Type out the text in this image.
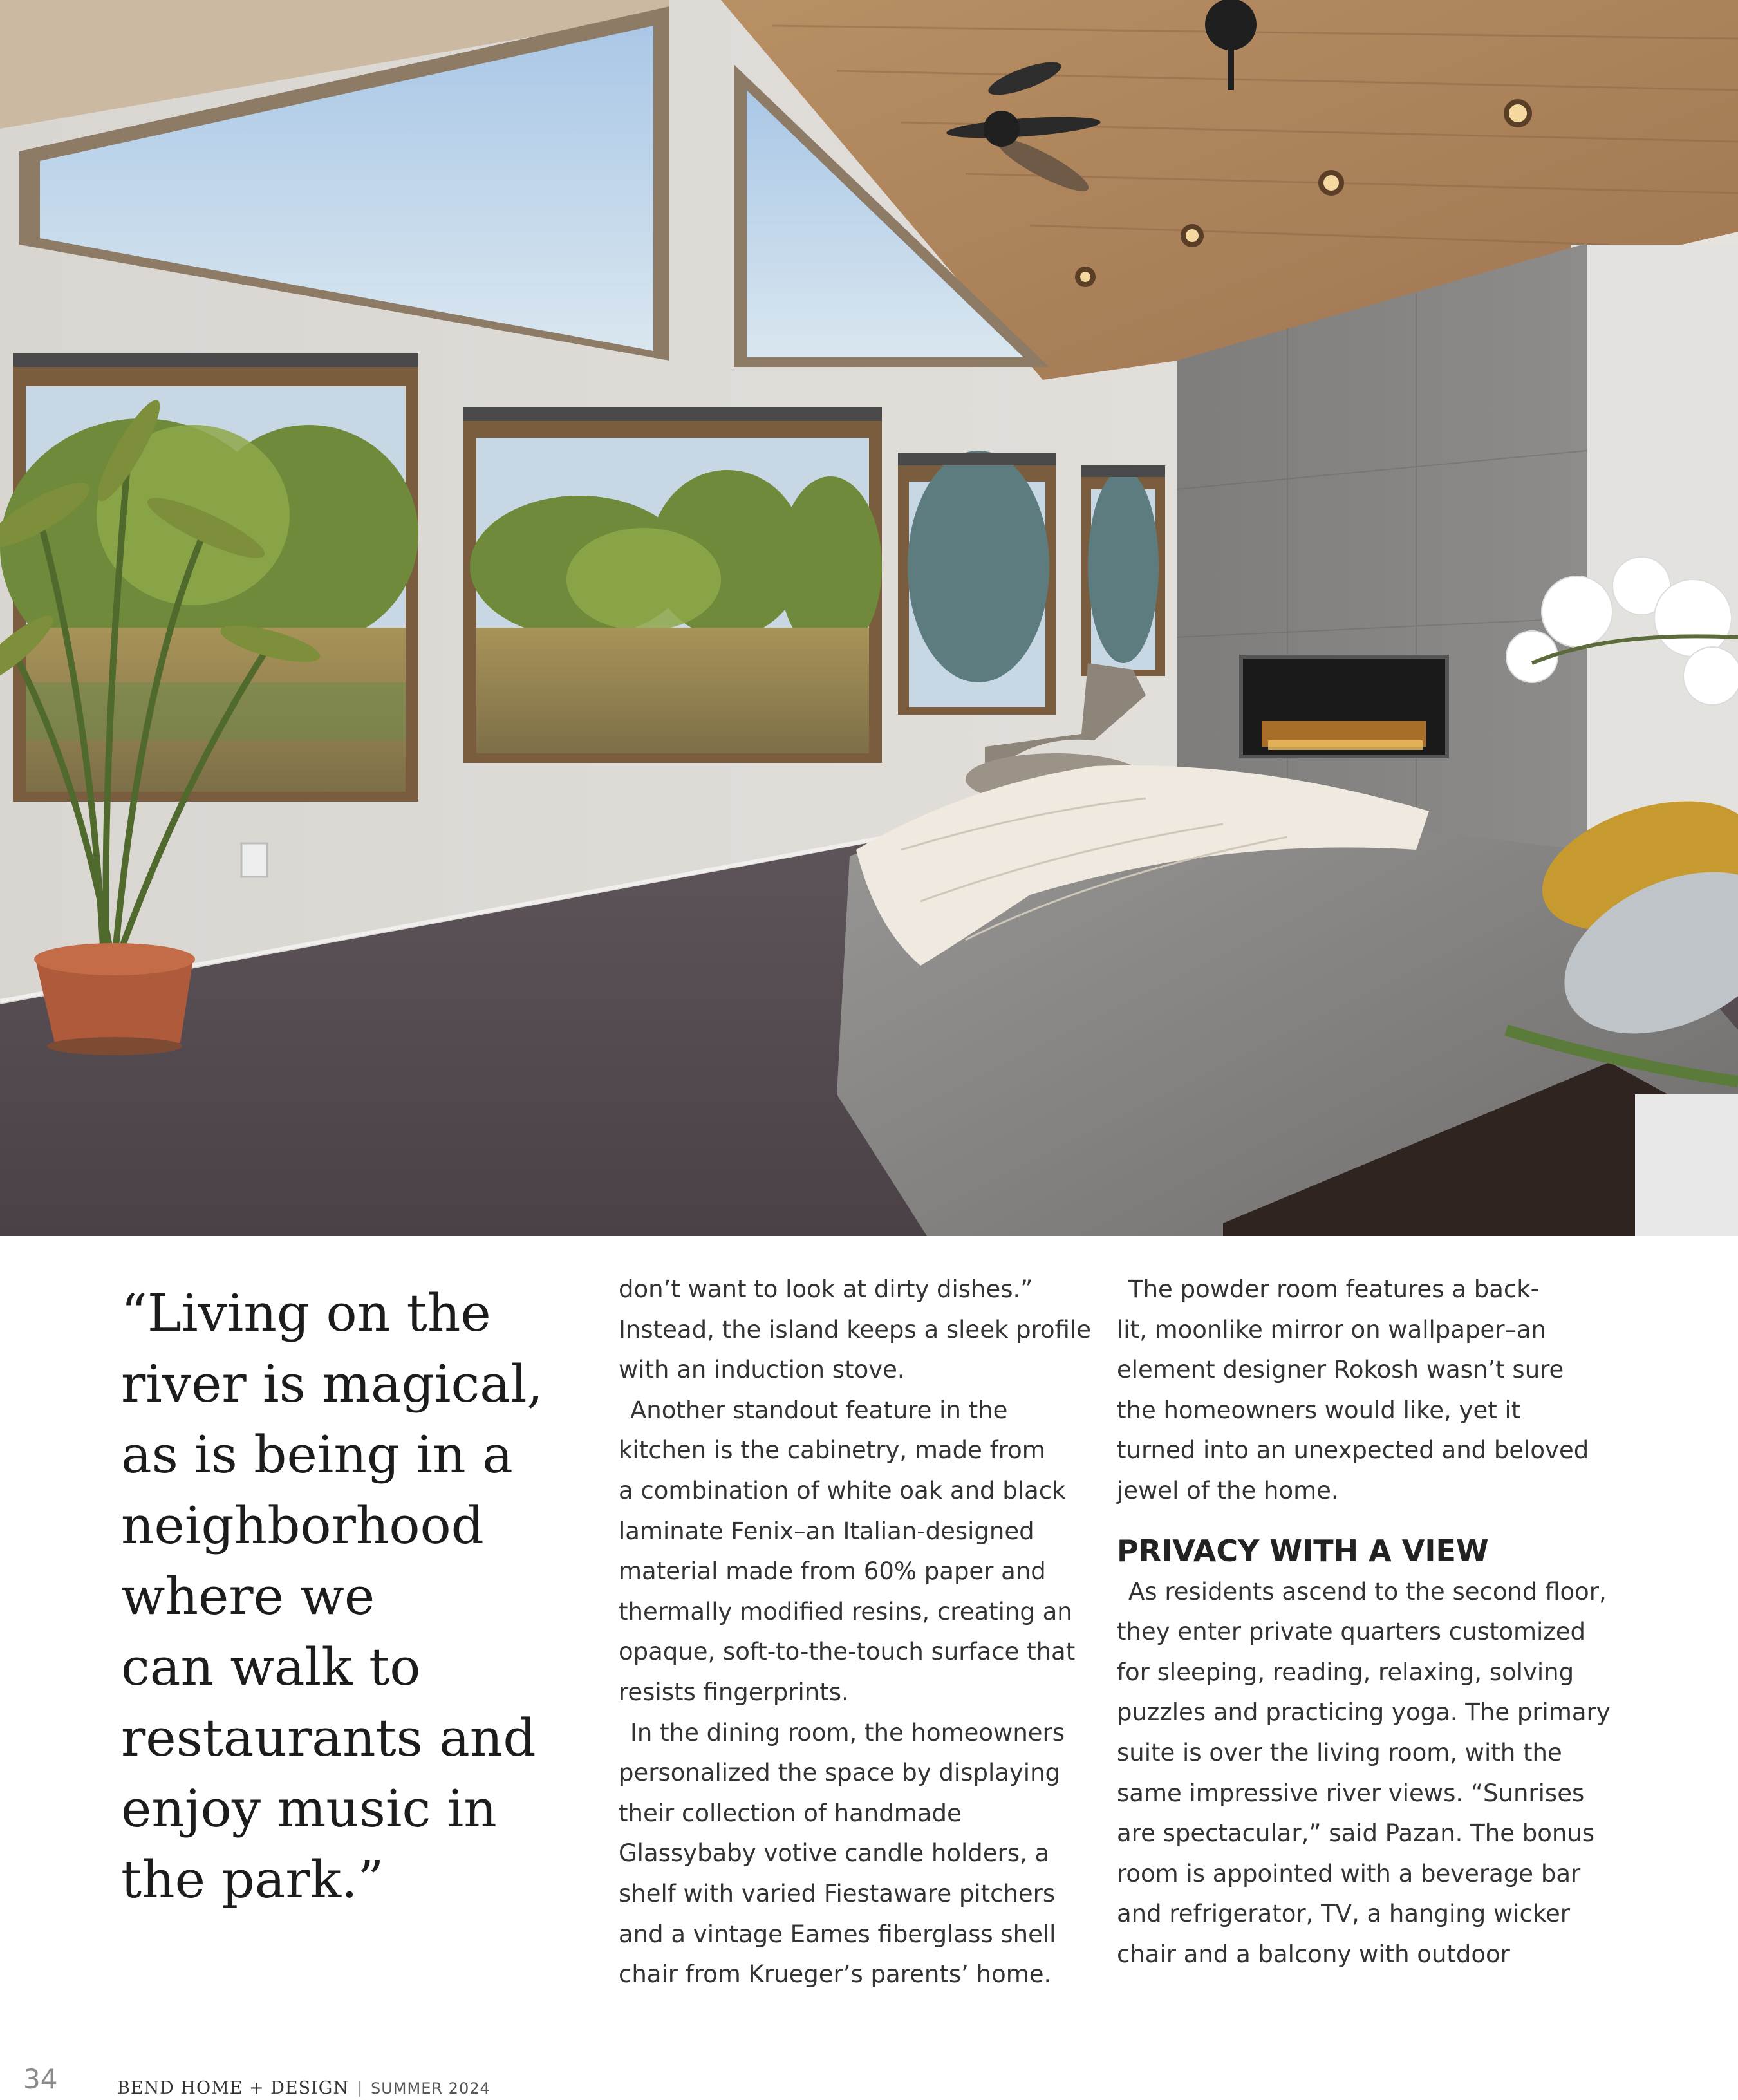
“Living on the

river is magical,

as is being in a

neighborhood

where we

can walk to

restaurants and

enjoy music in

the park.”

don’t want to look at dirty dishes.”

Instead, the island keeps a sleek profile

with an induction stove.

Another standout feature in the

kitchen is the cabinetry, made from

a combination of white oak and black

laminate Fenix–an Italian-designed

material made from 60% paper and

thermally modified resins, creating an

opaque, soft-to-the-touch surface that

resists fingerprints.

In the dining room, the homeowners

personalized the space by displaying

their collection of handmade

Glassybaby votive candle holders, a

shelf with varied Fiestaware pitchers

and a vintage Eames fiberglass shell

chair from Krueger’s parents’ home.

The powder room features a back-

lit, moonlike mirror on wallpaper–an

element designer Rokosh wasn’t sure

the homeowners would like, yet it

turned into an unexpected and beloved

jewel of the home.

PRIVACY WITH A VIEW

As residents ascend to the second floor,

they enter private quarters customized

for sleeping, reading, relaxing, solving

puzzles and practicing yoga. The primary

suite is over the living room, with the

same impressive river views. “Sunrises

are spectacular,” said Pazan. The bonus

room is appointed with a beverage bar

and refrigerator, TV, a hanging wicker

chair and a balcony with outdoor

34	BEND HOME + DESIGN | SUMMER 2024
